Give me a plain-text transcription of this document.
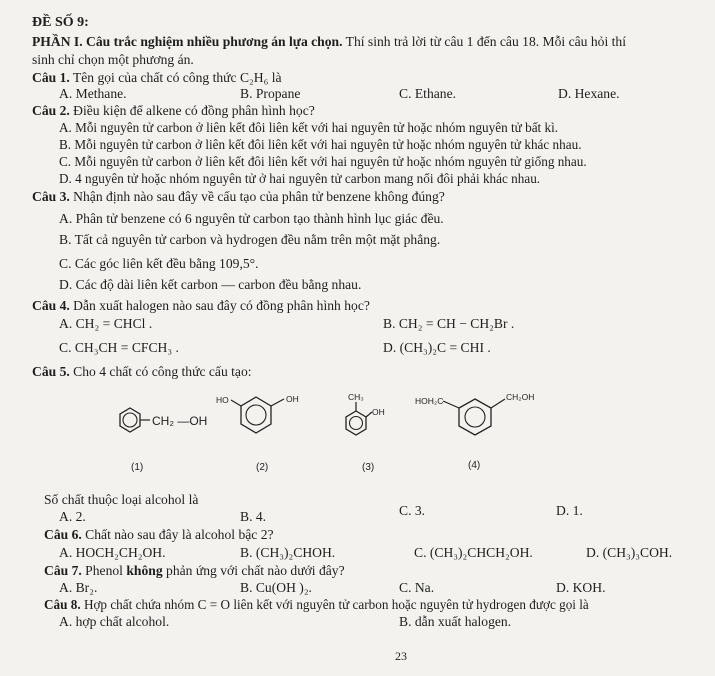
ĐỀ SỐ 9:
PHẦN I. Câu trắc nghiệm nhiều phương án lựa chọn. Thí sinh trả lời từ câu 1 đến câu 18. Mỗi câu hỏi thí
sinh chỉ chọn một phương án.
Câu 1. Tên gọi của chất có công thức C₂H₆ là
A. Methane.	B. Propane	C. Ethane.	D. Hexane.
Câu 2. Điều kiện để alkene có đồng phân hình học?
A. Mỗi nguyên tử carbon ở liên kết đôi liên kết với hai nguyên tử hoặc nhóm nguyên tử bất kì.
B. Mỗi nguyên tử carbon ở liên kết đôi liên kết với hai nguyên tử hoặc nhóm nguyên tử khác nhau.
C. Mỗi nguyên tử carbon ở liên kết đôi liên kết với hai nguyên tử hoặc nhóm nguyên tử giống nhau.
D. 4 nguyên tử hoặc nhóm nguyên tử ở hai nguyên tử carbon mang nối đôi phải khác nhau.
Câu 3. Nhận định nào sau đây về cấu tạo của phân tử benzene không đúng?
A. Phân tử benzene có 6 nguyên tử carbon tạo thành hình lục giác đều.
B. Tất cả nguyên tử carbon và hydrogen đều nằm trên một mặt phẳng.
C. Các góc liên kết đều bằng 109,5°.
D. Các độ dài liên kết carbon — carbon đều bằng nhau.
Câu 4. Dẫn xuất halogen nào sau đây có đồng phân hình học?
A. CH₂ = CHCl .	B. CH₂ = CH − CH₂Br .
C. CH₃CH = CFCH₃ .	D. (CH₃)₂C = CHI .
Câu 5. Cho 4 chất có công thức cấu tạo:
CH₂ —OH
(1)
HO	OH
(2)
CH₃
OH
(3)
HOH₂C	CH₂OH
(4)
Số chất thuộc loại alcohol là
A. 2.	B. 4.	C. 3.	D. 1.
Câu 6. Chất nào sau đây là alcohol bậc 2?
A. HOCH₂CH₂OH.	B. (CH₃)₂CHOH.	C. (CH₃)₂CHCH₂OH.	D. (CH₃)₃COH.
Câu 7. Phenol không phản ứng với chất nào dưới đây?
A. Br₂.	B. Cu(OH )₂.	C. Na.	D. KOH.
Câu 8. Hợp chất chứa nhóm C = O liên kết với nguyên tử carbon hoặc nguyên tử hydrogen được gọi là
A. hợp chất alcohol.	B. dẫn xuất halogen.
23
